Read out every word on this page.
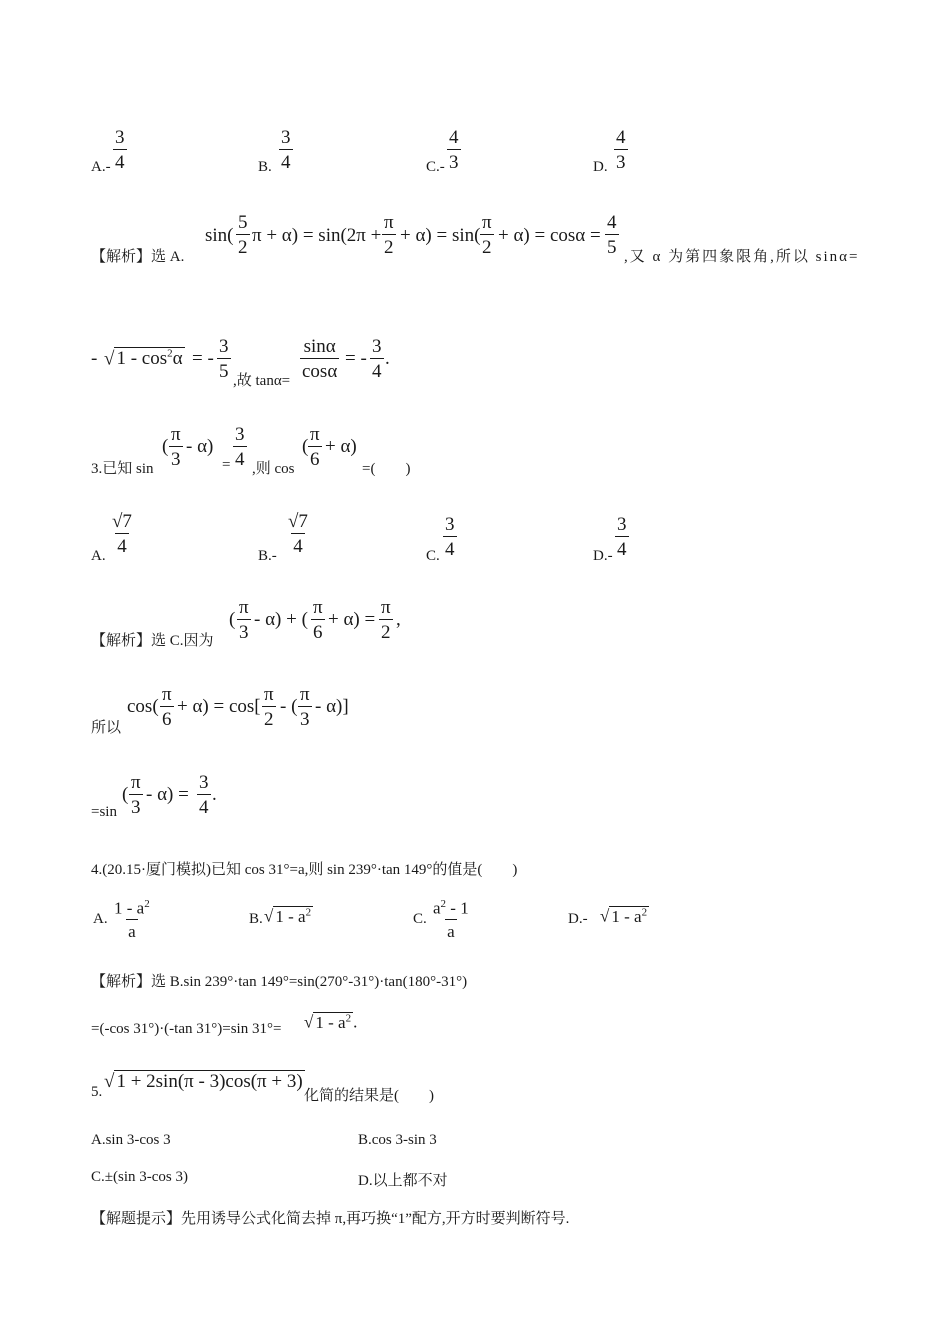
$A.- \frac{3}{4}$	B. $\frac{3}{4}$	$C.- \frac{4}{3}$	D. $\frac{4}{3}$
【解析】选 A.
$\sin( \frac{5}{2}$ $\pi + \alpha) = \sin(2\pi + \frac{\pi}{2} + \alpha) = \sin( \frac{\pi}{2} + \alpha) = \cos\alpha = \frac{4}{5}$ ,又 α 为第四象限角,所以 sinα=
- √ $1 - \cos^2\alpha$ = - $\frac{3}{5}$ ,故 $\tan\alpha= \frac{\sin\alpha}{\cos\alpha}$ = - $\frac{3}{4}$ .
3.已知 sin
( $\frac{\pi}{3} - \alpha$)
= $\frac{3}{4}$ ,则 cos
( $\frac{\pi}{6} + \alpha$)
=(　　)
A. $\frac{√7}{4}$	$B.- \frac{√7}{4}$	C. $\frac{3}{4}$	$D.- \frac{3}{4}$
【解析】选 C.因为
( $\frac{\pi}{3} - \alpha$) + ( $\frac{\pi}{6} + \alpha) = \frac{\pi}{2}$ ,
所以
$\cos( \frac{\pi}{6} + \alpha) = \cos[ \frac{\pi}{2}$ - ( $\frac{\pi}{3} - \alpha$)]
=sin
( $\frac{\pi}{3} - \alpha) = \frac{3}{4}$ .
4.(20.15·厦门模拟)已知 cos 31°=a,则 sin 239°·tan 149°的值是(　　)
A. $\frac{1 - a^2}{a}$	B. √ $1 - a^2$	C. $\frac{a^2 - 1}{a}$	D.- √ $1 - a^2$
【解析】选 B.sin 239°·tan 149°=sin(270°-31°)·tan(180°-31°)
=(-cos 31°)·(-tan 31°)=sin 31°= √ $1 - a^2$ .
5. √ 1 + 2sin(π - 3)cos(π + 3)
化简的结果是(　　)
A.sin 3-cos 3	B.cos 3-sin 3
C.±(sin 3-cos 3)	D.以上都不对
【解题提示】先用诱导公式化简去掉 π,再巧换“1”配方,开方时要判断符号.
